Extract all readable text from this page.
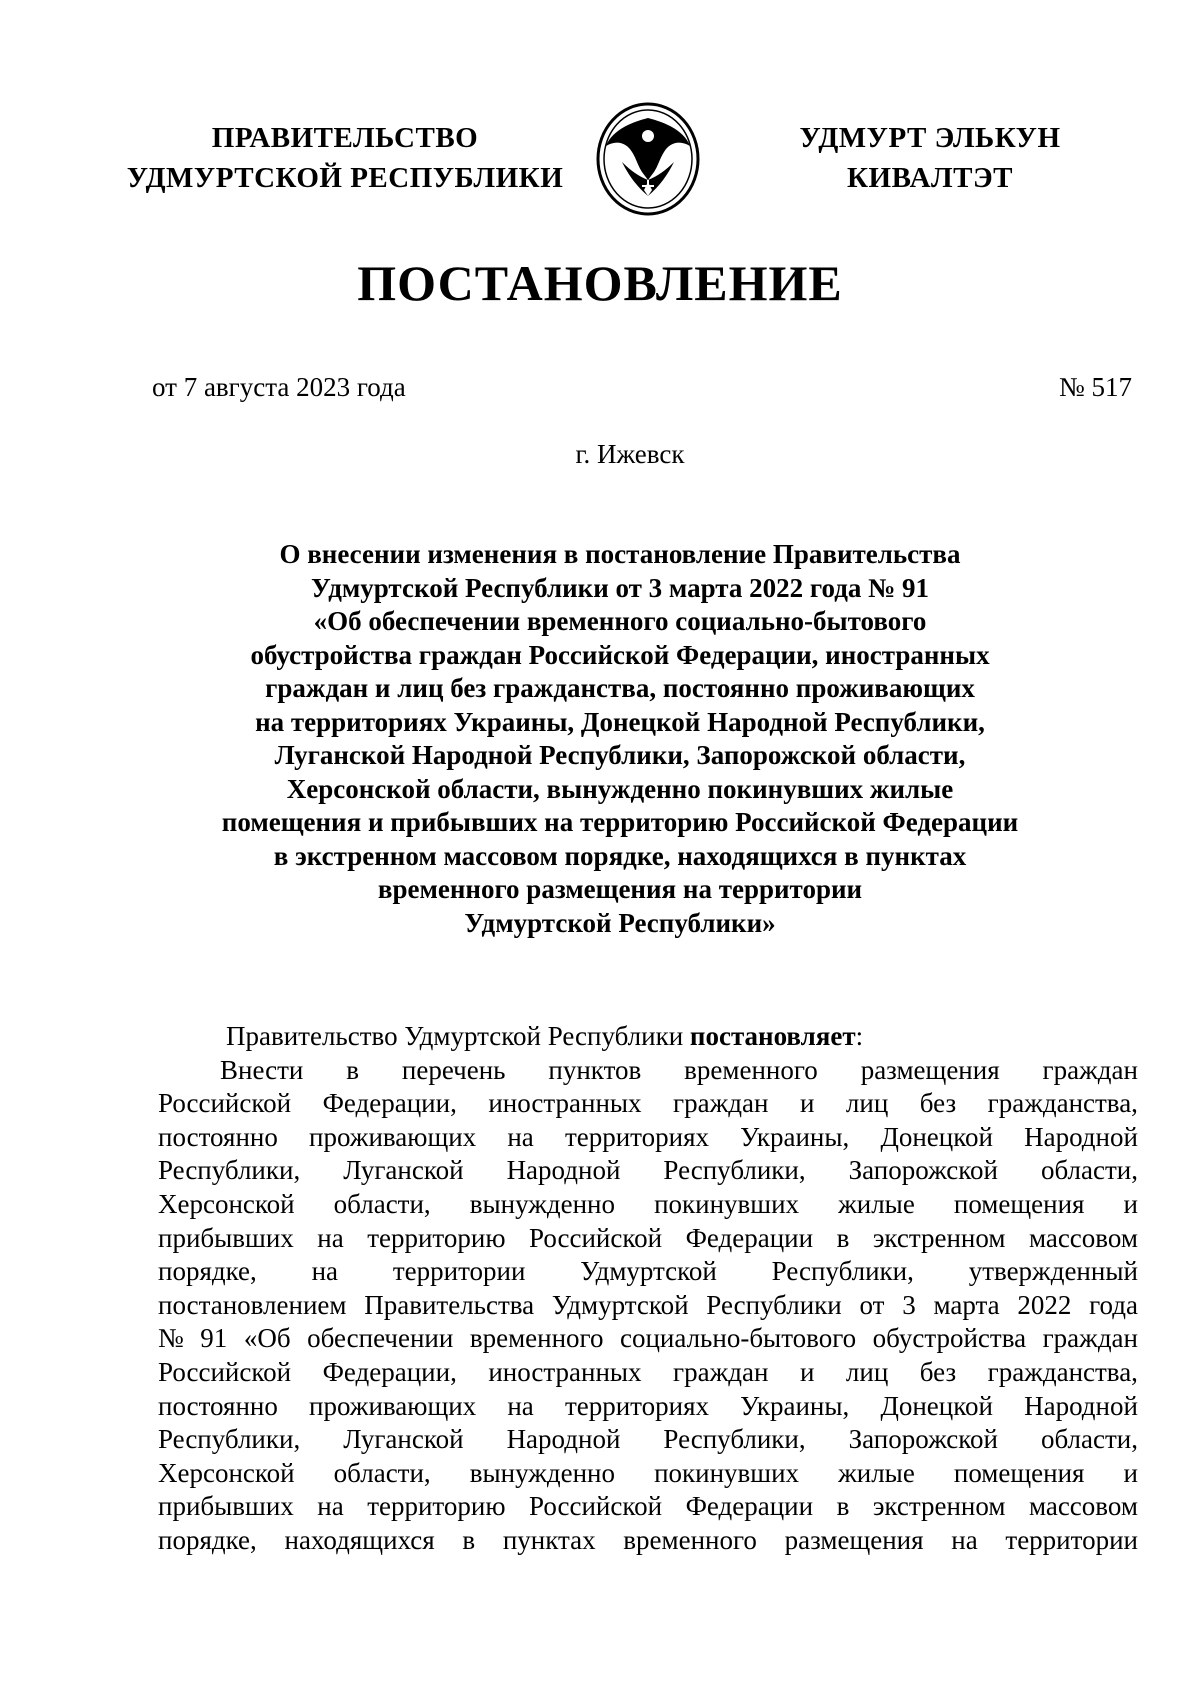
ПРАВИТЕЛЬСТВО
УДМУРТСКОЙ РЕСПУБЛИКИ
УДМУРТ ЭЛЬКУН
КИВАЛТЭТ
ПОСТАНОВЛЕНИЕ
от 7 августа 2023 года	№ 517
г. Ижевск
О внесении изменения в постановление Правительства
Удмуртской Республики от 3 марта 2022 года № 91
«Об обеспечении временного социально-бытового
обустройства граждан Российской Федерации, иностранных
граждан и лиц без гражданства, постоянно проживающих
на территориях Украины, Донецкой Народной Республики,
Луганской Народной Республики, Запорожской области,
Херсонской области, вынужденно покинувших жилые
помещения и прибывших на территорию Российской Федерации
в экстренном массовом порядке, находящихся в пунктах
временного размещения на территории
Удмуртской Республики»
Правительство Удмуртской Республики постановляет:
Внести в перечень пунктов временного размещения граждан
Российской Федерации, иностранных граждан и лиц без гражданства,
постоянно проживающих на территориях Украины, Донецкой Народной
Республики, Луганской Народной Республики, Запорожской области,
Херсонской области, вынужденно покинувших жилые помещения и
прибывших на территорию Российской Федерации в экстренном массовом
порядке, на территории Удмуртской Республики, утвержденный
постановлением Правительства Удмуртской Республики от 3 марта 2022 года
№ 91 «Об обеспечении временного социально-бытового обустройства граждан
Российской Федерации, иностранных граждан и лиц без гражданства,
постоянно проживающих на территориях Украины, Донецкой Народной
Республики, Луганской Народной Республики, Запорожской области,
Херсонской области, вынужденно покинувших жилые помещения и
прибывших на территорию Российской Федерации в экстренном массовом
порядке, находящихся в пунктах временного размещения на территории
